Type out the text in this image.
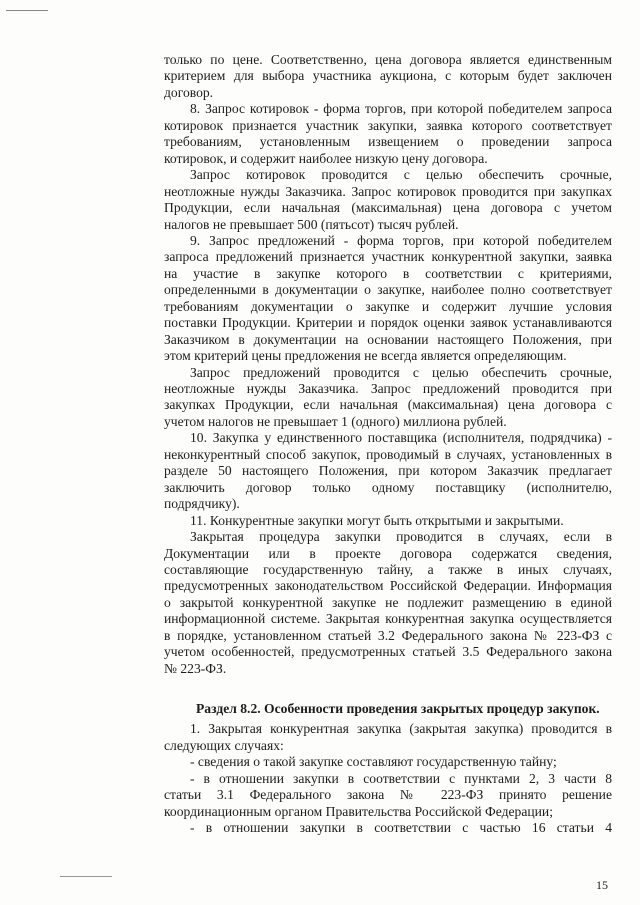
только по цене. Соответственно, цена договора является единственным
критерием для выбора участника аукциона, с которым будет заключен
договор.
8. Запрос котировок - форма торгов, при которой победителем запроса
котировок признается участник закупки, заявка которого соответствует
требованиям, установленным извещением о проведении запроса
котировок, и содержит наиболее низкую цену договора.
Запрос котировок проводится с целью обеспечить срочные,
неотложные нужды Заказчика. Запрос котировок проводится при закупках
Продукции, если начальная (максимальная) цена договора с учетом
налогов не превышает 500 (пятьсот) тысяч рублей.
9. Запрос предложений - форма торгов, при которой победителем
запроса предложений признается участник конкурентной закупки, заявка
на участие в закупке которого в соответствии с критериями,
определенными в документации о закупке, наиболее полно соответствует
требованиям документации о закупке и содержит лучшие условия
поставки Продукции. Критерии и порядок оценки заявок устанавливаются
Заказчиком в документации на основании настоящего Положения, при
этом критерий цены предложения не всегда является определяющим.
Запрос предложений проводится с целью обеспечить срочные,
неотложные нужды Заказчика. Запрос предложений проводится при
закупках Продукции, если начальная (максимальная) цена договора с
учетом налогов не превышает 1 (одного) миллиона рублей.
10. Закупка у единственного поставщика (исполнителя, подрядчика) -
неконкурентный способ закупок, проводимый в случаях, установленных в
разделе 50 настоящего Положения, при котором Заказчик предлагает
заключить договор только одному поставщику (исполнителю,
подрядчику).
11. Конкурентные закупки могут быть открытыми и закрытыми.
Закрытая процедура закупки проводится в случаях, если в
Документации или в проекте договора содержатся сведения,
составляющие государственную тайну, а также в иных случаях,
предусмотренных законодательством Российской Федерации. Информация
о закрытой конкурентной закупке не подлежит размещению в единой
информационной системе. Закрытая конкурентная закупка осуществляется
в порядке, установленном статьей 3.2 Федерального закона № 223-ФЗ с
учетом особенностей, предусмотренных статьей 3.5 Федерального закона
№ 223-ФЗ.
Раздел 8.2. Особенности проведения закрытых процедур закупок.
1. Закрытая конкурентная закупка (закрытая закупка) проводится в
следующих случаях:
- сведения о такой закупке составляют государственную тайну;
- в отношении закупки в соответствии с пунктами 2, 3 части 8
статьи 3.1 Федерального закона № 223-ФЗ принято решение
координационным органом Правительства Российской Федерации;
- в отношении закупки в соответствии с частью 16 статьи 4
15
